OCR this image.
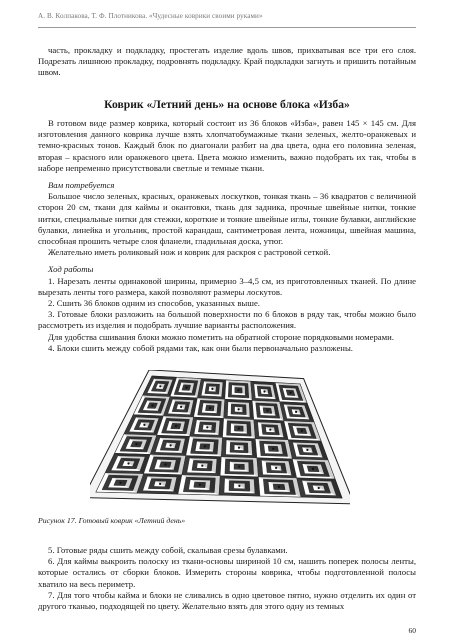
А. В. Колпакова, Т. Ф. Плотникова. «Чудесные коврики своими руками»

часть, прокладку и подкладку, простегать изделие вдоль швов, прихватывая все три его слоя. Подрезать лишнюю прокладку, подровнять подкладку. Край подкладки загнуть и пришить потайным швом.

Коврик «Летний день» на основе блока «Изба»

В готовом виде размер коврика, который состоит из 36 блоков «Изба», равен 145 × 145 см. Для изготовления данного коврика лучше взять хлопчатобумажные ткани зеленых, желто-оранжевых и темно-красных тонов. Каждый блок по диагонали разбит на два цвета, одна его половина зеленая, вторая – красного или оранжевого цвета. Цвета можно изменить, важно подобрать их так, чтобы в наборе непременно присутствовали светлые и темные ткани.

Вам потребуется

Большое число зеленых, красных, оранжевых лоскутков, тонкая ткань – 36 квадратов с величиной сторон 20 см, ткани для каймы и окантовки, ткань для задника, прочные швейные нитки, тонкие нитки, специальные нитки для стежки, короткие и тонкие швейные иглы, тонкие булавки, английские булавки, линейка и угольник, простой карандаш, сантиметровая лента, ножницы, швейная машина, способная прошить четыре слоя фланели, гладильная доска, утюг.

Желательно иметь роликовый нож и коврик для раскроя с растровой сеткой.

Ход работы

1. Нарезать ленты одинаковой ширины, примерно 3–4,5 см, из приготовленных тканей. По длине вырезать ленты того размера, какой позволяют размеры лоскутов.

2. Сшить 36 блоков одним из способов, указанных выше.

3. Готовые блоки разложить на большой поверхности по 6 блоков в ряду так, чтобы можно было рассмотреть из изделия и подобрать лучшие варианты расположения.

Для удобства сшивания блоки можно пометить на обратной стороне порядковыми номерами.

4. Блоки сшить между собой рядами так, как они были первоначально разложены.

Рисунок 17. Готовый коврик «Летний день»

5. Готовые ряды сшить между собой, скалывая срезы булавками.

6. Для каймы выкроить полоску из ткани-основы шириной 10 см, нашить поперек полосы ленты, которые остались от сборки блоков. Измерить стороны коврика, чтобы подготовленной полосы хватило на весь периметр.

7. Для того чтобы кайма и блоки не сливались в одно цветовое пятно, нужно отделить их один от другого тканью, подходящей по цвету. Желательно взять для этого одну из темных

60
